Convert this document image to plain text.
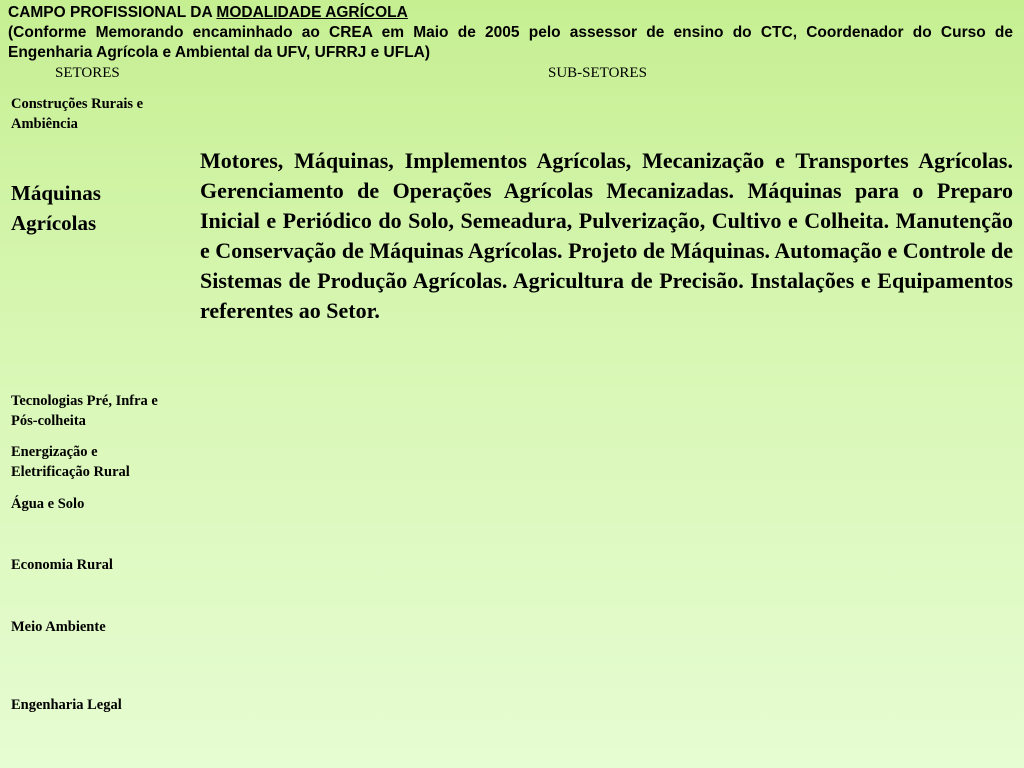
CAMPO PROFISSIONAL DA MODALIDADE AGRÍCOLA
(Conforme Memorando encaminhado ao CREA em Maio de 2005 pelo assessor de ensino do CTC, Coordenador do Curso de Engenharia Agrícola e Ambiental da UFV, UFRRJ e UFLA)
SETORES	SUB-SETORES
Construções Rurais e Ambiência
Máquinas Agrícolas
Tecnologias Pré, Infra e Pós-colheita
Energização e Eletrificação Rural
Água e Solo
Economia Rural
Meio Ambiente
Engenharia Legal
Motores, Máquinas, Implementos Agrícolas, Mecanização e Transportes Agrícolas. Gerenciamento de Operações Agrícolas Mecanizadas. Máquinas para o Preparo Inicial e Periódico do Solo, Semeadura, Pulverização, Cultivo e Colheita. Manutenção e Conservação de Máquinas Agrícolas. Projeto de Máquinas. Automação e Controle de Sistemas de Produção Agrícolas. Agricultura de Precisão. Instalações e Equipamentos referentes ao Setor.
